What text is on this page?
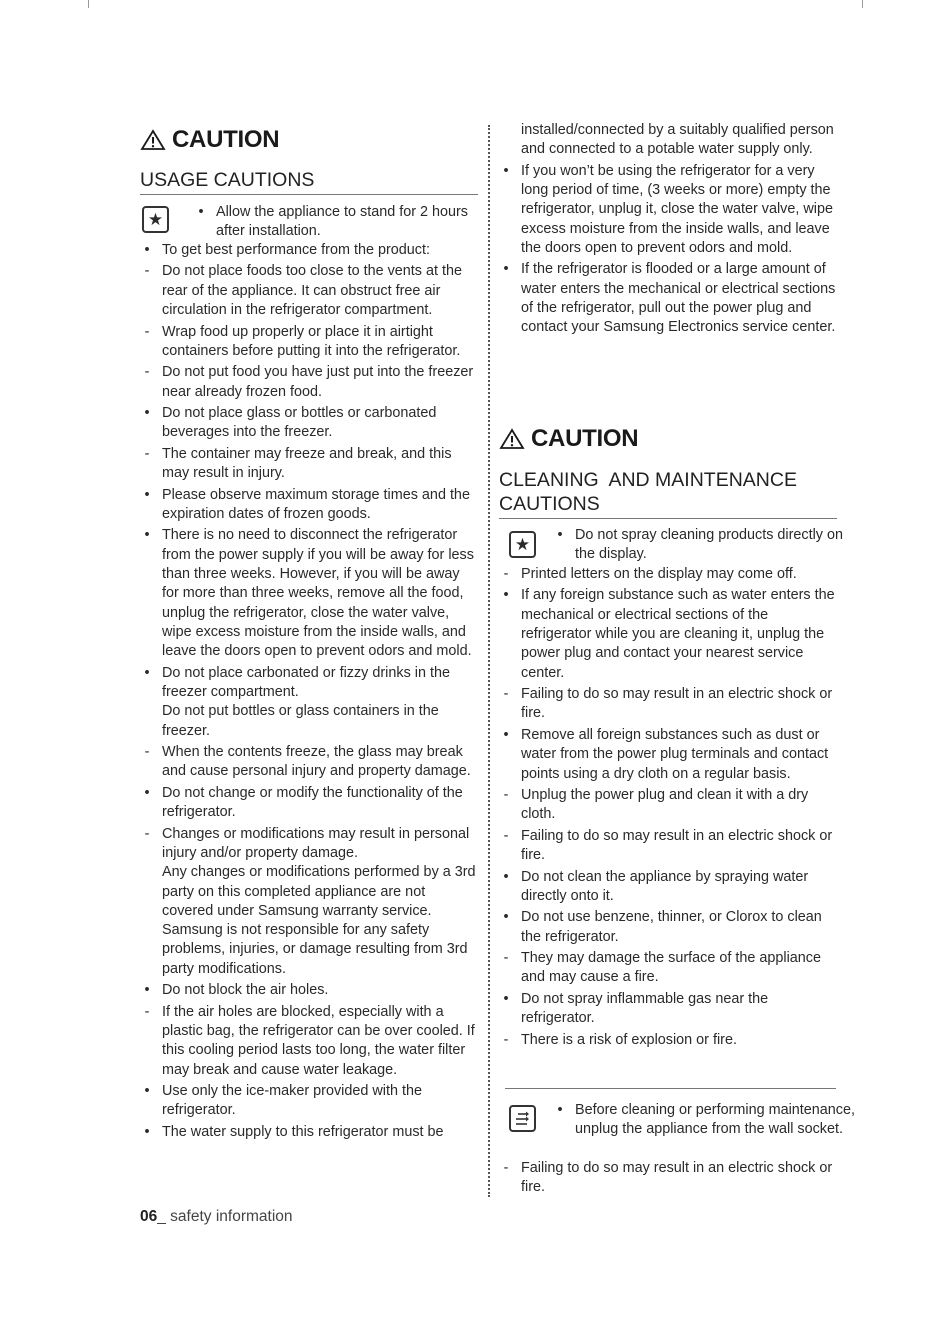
CAUTION
USAGE CAUTIONS
★	• Allow the appliance to stand for 2 hours after installation.
• To get best performance from the product:
- Do not place foods too close to the vents at the rear of the appliance. It can obstruct free air circulation in the refrigerator compartment.
- Wrap food up properly or place it in airtight containers before putting it into the refrigerator.
- Do not put food you have just put into the freezer near already frozen food.
• Do not place glass or bottles or carbonated beverages into the freezer.
- The container may freeze and break, and this may result in injury.
• Please observe maximum storage times and the expiration dates of frozen goods.
• There is no need to disconnect the refrigerator from the power supply if you will be away for less than three weeks. However, if you will be away for more than three weeks, remove all the food, unplug the refrigerator, close the water valve, wipe excess moisture from the inside walls, and leave the doors open to prevent odors and mold.
• Do not place carbonated or fizzy drinks in the freezer compartment.
Do not put bottles or glass containers in the freezer.
- When the contents freeze, the glass may break and cause personal injury and property damage.
• Do not change or modify the functionality of the refrigerator.
- Changes or modifications may result in personal injury and/or property damage.
Any changes or modifications performed by a 3rd party on this completed appliance are not covered under Samsung warranty service. Samsung is not responsible for any safety problems, injuries, or damage resulting from 3rd party modifications.
• Do not block the air holes.
- If the air holes are blocked, especially with a plastic bag, the refrigerator can be over cooled. If this cooling period lasts too long, the water filter may break and cause water leakage.
• Use only the ice-maker provided with the refrigerator.
• The water supply to this refrigerator must be
installed/connected by a suitably qualified person and connected to a potable water supply only.
• If you won’t be using the refrigerator for a very long period of time, (3 weeks or more) empty the refrigerator, unplug it, close the water valve, wipe excess moisture from the inside walls, and leave the doors open to prevent odors and mold.
• If the refrigerator is flooded or a large amount of water enters the mechanical or electrical sections of the refrigerator, pull out the power plug and contact your Samsung Electronics service center.
CAUTION
CLEANING  AND MAINTENANCE CAUTIONS
★	• Do not spray cleaning products directly on the display.
- Printed letters on the display may come off.
• If any foreign substance such as water enters the mechanical or electrical sections of the refrigerator while you are cleaning it, unplug the power plug and contact your nearest service center.
- Failing to do so may result in an electric shock or fire.
• Remove all foreign substances such as dust or water from the power plug terminals and contact points using a dry cloth on a regular basis.
- Unplug the power plug and clean it with a dry cloth.
- Failing to do so may result in an electric shock or fire.
• Do not clean the appliance by spraying water directly onto it.
• Do not use benzene, thinner, or Clorox to clean the refrigerator.
- They may damage the surface of the appliance and may cause a fire.
• Do not spray inflammable gas near the refrigerator.
- There is a risk of explosion or fire.
• Before cleaning or performing maintenance, unplug the appliance from the wall socket.
- Failing to do so may result in an electric shock or fire.
06_ safety information
